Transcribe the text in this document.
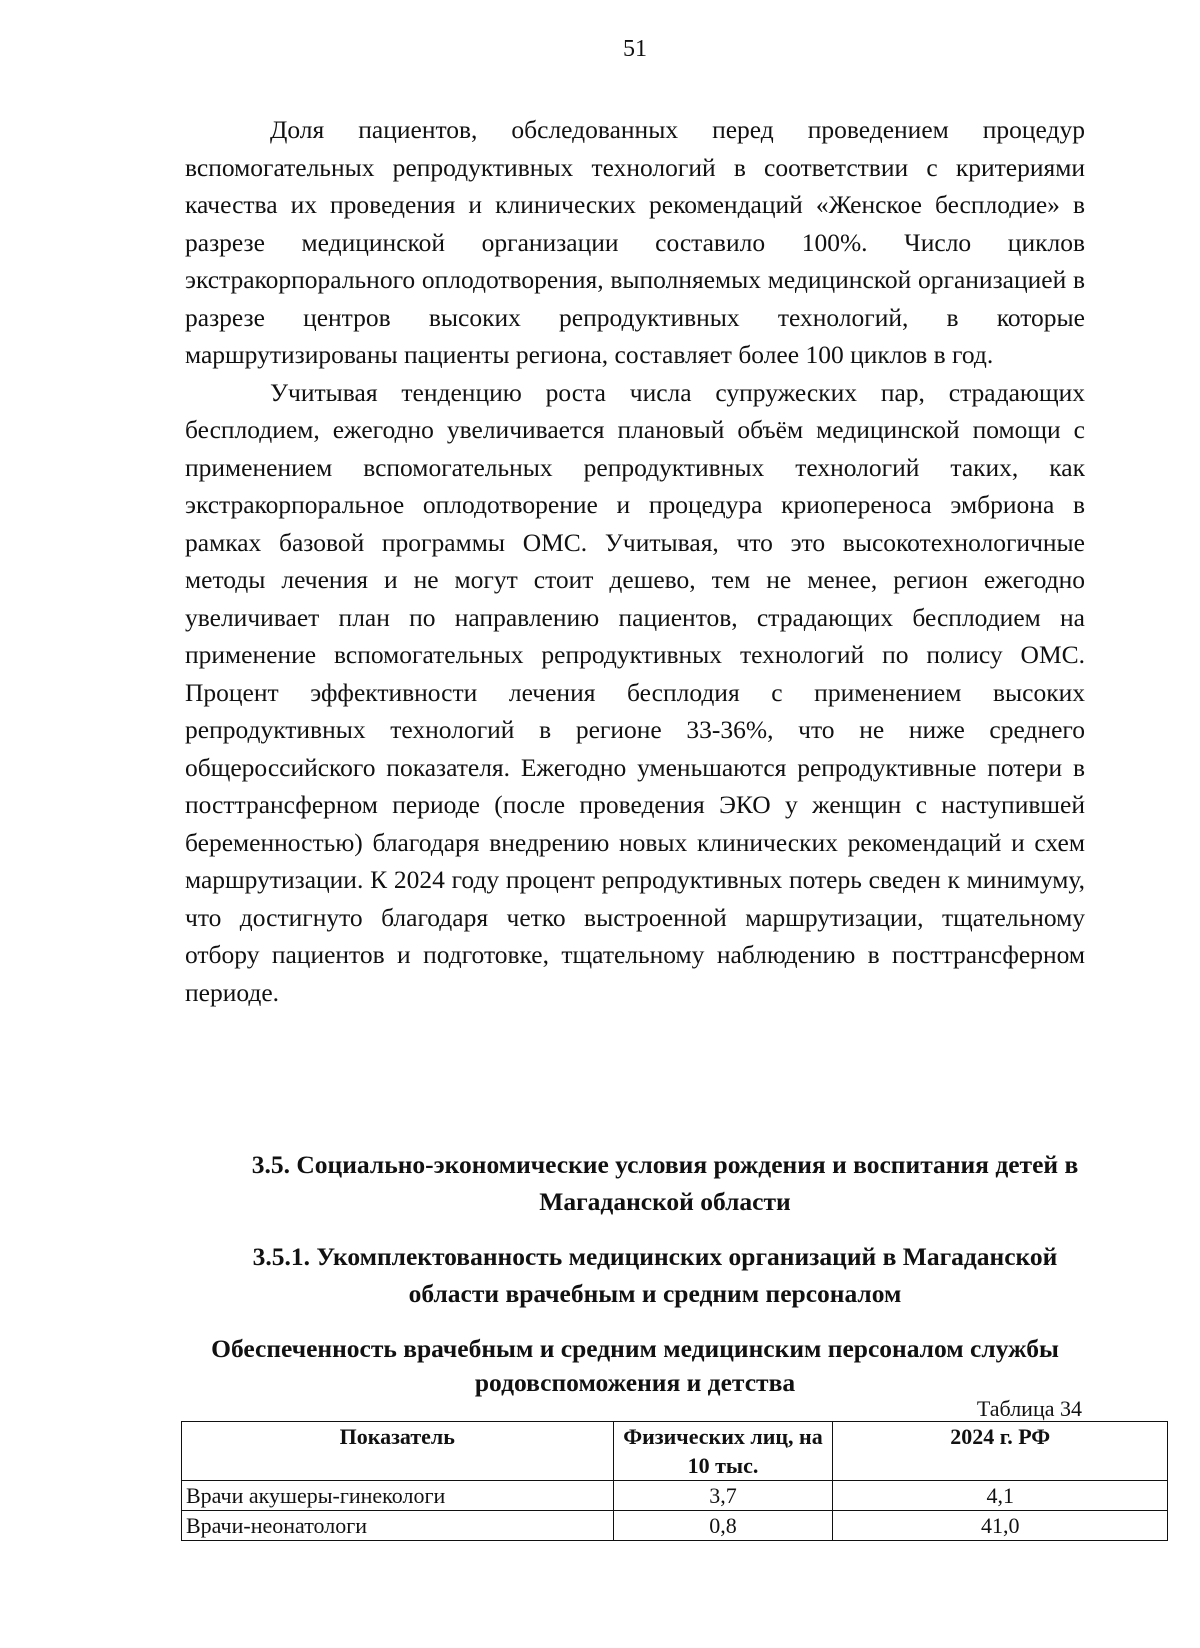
51

Доля пациентов, обследованных перед проведением процедур вспомогательных репродуктивных технологий в соответствии с критериями качества их проведения и клинических рекомендаций «Женское бесплодие» в разрезе медицинской организации составило 100%. Число циклов экстракорпорального оплодотворения, выполняемых медицинской организацией в разрезе центров высоких репродуктивных технологий, в которые маршрутизированы пациенты региона, составляет более 100 циклов в год.

Учитывая тенденцию роста числа супружеских пар, страдающих бесплодием, ежегодно увеличивается плановый объём медицинской помощи с применением вспомогательных репродуктивных технологий таких, как экстракорпоральное оплодотворение и процедура криопереноса эмбриона в рамках базовой программы ОМС. Учитывая, что это высокотехнологичные методы лечения и не могут стоит дешево, тем не менее, регион ежегодно увеличивает план по направлению пациентов, страдающих бесплодием на применение вспомогательных репродуктивных технологий по полису ОМС. Процент эффективности лечения бесплодия с применением высоких репродуктивных технологий в регионе 33-36%, что не ниже среднего общероссийского показателя. Ежегодно уменьшаются репродуктивные потери в посттрансферном периоде (после проведения ЭКО у женщин с наступившей беременностью) благодаря внедрению новых клинических рекомендаций и схем маршрутизации. К 2024 году процент репродуктивных потерь сведен к минимуму, что достигнуто благодаря четко выстроенной маршрутизации, тщательному отбору пациентов и подготовке, тщательному наблюдению в посттрансферном периоде.

3.5. Социально-экономические условия рождения и воспитания детей в Магаданской области
3.5.1. Укомплектованность медицинских организаций в Магаданской области врачебным и средним персоналом
Обеспеченность врачебным и средним медицинским персоналом службы родовспоможения и детства
Таблица 34
Показатель	Физических лиц, на 10 тыс.	2024 г. РФ
Врачи акушеры-гинекологи	3,7	4,1
Врачи-неонатологи	0,8	41,0
